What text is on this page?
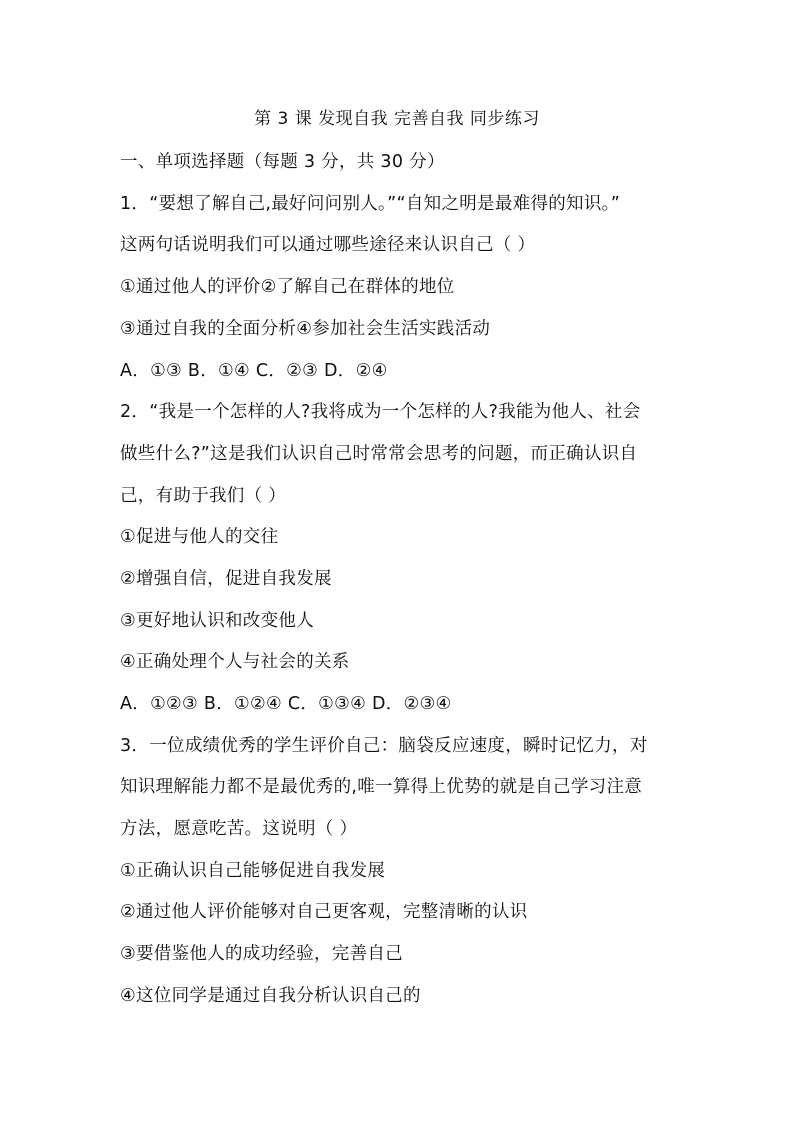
第 3 课 发现自我 完善自我 同步练习
一、单项选择题（每题 3 分，共 30 分）
1．“要想了解自己,最好问问别人。”“自知之明是最难得的知识。”
这两句话说明我们可以通过哪些途径来认识自己（ ）
①通过他人的评价②了解自己在群体的地位
③通过自我的全面分析④参加社会生活实践活动
A．①③ B．①④ C．②③ D．②④
2．“我是一个怎样的人?我将成为一个怎样的人?我能为他人、社会
做些什么?”这是我们认识自己时常常会思考的问题，而正确认识自
己，有助于我们（ ）
①促进与他人的交往
②增强自信，促进自我发展
③更好地认识和改变他人
④正确处理个人与社会的关系
A．①②③ B．①②④ C．①③④ D．②③④
3．一位成绩优秀的学生评价自己：脑袋反应速度，瞬时记忆力，对
知识理解能力都不是最优秀的,唯一算得上优势的就是自己学习注意
方法，愿意吃苦。这说明（ ）
①正确认识自己能够促进自我发展
②通过他人评价能够对自己更客观，完整清晰的认识
③要借鉴他人的成功经验，完善自己
④这位同学是通过自我分析认识自己的
